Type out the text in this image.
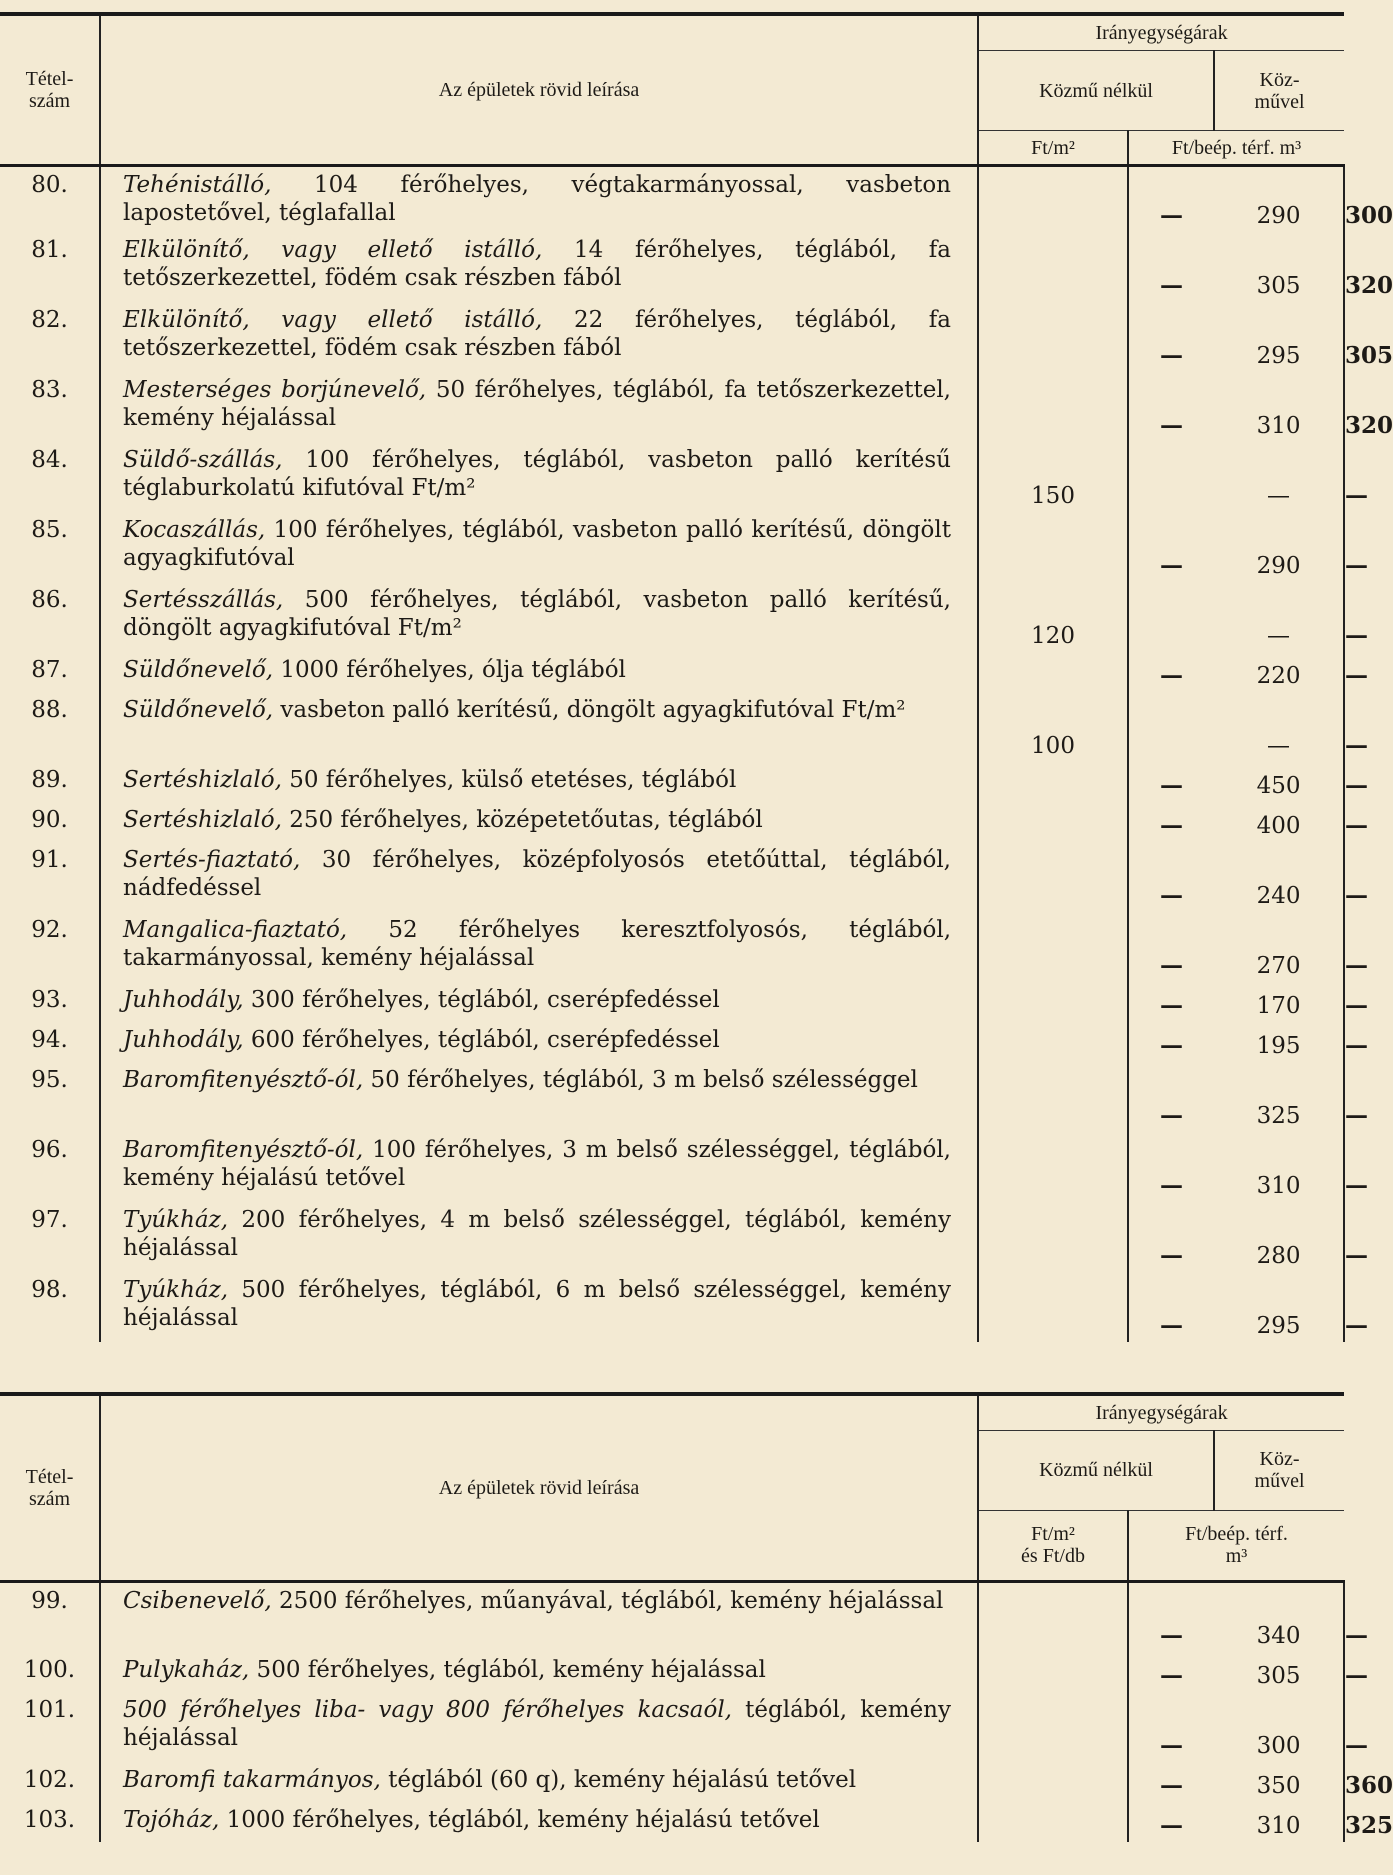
Tétel-
szám	Az épületek rövid leírása	Irányegységárak			
		Közmű nélkül		Köz-
művel	
		Ft/m²	Ft/beép. térf. m³		
80.	Tehénistálló, 104 férőhelyes, végtakarmányossal, vasbeton lapostetővel, téglafallal		—	290	300
81.	Elkülönítő, vagy ellető istálló, 14 férőhelyes, téglából, fa tetőszerkezettel, födém csak részben fából		—	305	320
82.	Elkülönítő, vagy ellető istálló, 22 férőhelyes, téglából, fa tetőszerkezettel, födém csak részben fából		—	295	305
83.	Mesterséges borjúnevelő, 50 férőhelyes, téglából, fa tetőszerkezettel, kemény héjalással		—	310	320
84.	Süldő-szállás, 100 férőhelyes, téglából, vasbeton palló kerítésű téglaburkolatú kifutóval Ft/m²	150		—	—
85.	Kocaszállás, 100 férőhelyes, téglából, vasbeton palló kerítésű, döngölt agyagkifutóval		—	290	—
86.	Sertésszállás, 500 férőhelyes, téglából, vasbeton palló kerítésű, döngölt agyagkifutóval Ft/m²	120		—	—
87.	Süldőnevelő, 1000 férőhelyes, ólja téglából		—	220	—
88.	Süldőnevelő, vasbeton palló kerítésű, döngölt agyagkifutóval Ft/m²	100		—	—
89.	Sertéshizlaló, 50 férőhelyes, külső etetéses, téglából		—	450	—
90.	Sertéshizlaló, 250 férőhelyes, középetetőutas, téglából		—	400	—
91.	Sertés-fiaztató, 30 férőhelyes, középfolyosós etetőúttal, téglából, nádfedéssel		—	240	—
92.	Mangalica-fiaztató, 52 férőhelyes keresztfolyosós, téglából, takarmányossal, kemény héjalással		—	270	—
93.	Juhhodály, 300 férőhelyes, téglából, cserépfedéssel		—	170	—
94.	Juhhodály, 600 férőhelyes, téglából, cserépfedéssel		—	195	—
95.	Baromfitenyésztő-ól, 50 férőhelyes, téglából, 3 m belső szélességgel		—	325	—
96.	Baromfitenyésztő-ól, 100 férőhelyes, 3 m belső szélességgel, téglából, kemény héjalású tetővel		—	310	—
97.	Tyúkház, 200 férőhelyes, 4 m belső szélességgel, téglából, kemény héjalással		—	280	—
98.	Tyúkház, 500 férőhelyes, téglából, 6 m belső szélességgel, kemény héjalással		—	295	—
Tétel-
szám	Az épületek rövid leírása	Irányegységárak			
		Közmű nélkül		Köz-
művel	
		Ft/m²
és Ft/db	Ft/beép. térf.
m³		
99.	Csibenevelő, 2500 férőhelyes, műanyával, téglából, kemény héjalással		—	340	—
100.	Pulykaház, 500 férőhelyes, téglából, kemény héjalással		—	305	—
101.	500 férőhelyes liba- vagy 800 férőhelyes kacsaól, téglából, kemény héjalással		—	300	—
102.	Baromfi takarmányos, téglából (60 q), kemény héjalású tetővel		—	350	360
103.	Tojóház, 1000 férőhelyes, téglából, kemény héjalású tetővel		—	310	325
